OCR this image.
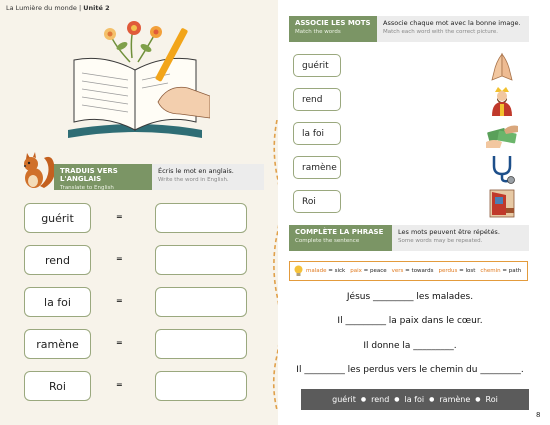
La Lumière du monde | Unité 2
TRADUIS VERS L'ANGLAIS
Translate to English
Écris le mot en anglais.
Write the word in English.
guérit	=
rend	=
la foi	=
ramène	=
Roi	=
ASSOCIE LES MOTS
Match the words
Associe chaque mot avec la bonne image.
Match each word with the correct picture.
guérit
rend
la foi
ramène
Roi
COMPLÈTE LA PHRASE
Complete the sentence
Les mots peuvent être répétés.
Some words may be repeated.
malade = sick paix = peace vers = towards perdus = lost chemin = path
Jésus _________ les malades.
Il _________ la paix dans le cœur.
Il donne la _________.
Il _________ les perdus vers le chemin du _________.
guérit ● rend ● la foi ● ramène ● Roi
8
